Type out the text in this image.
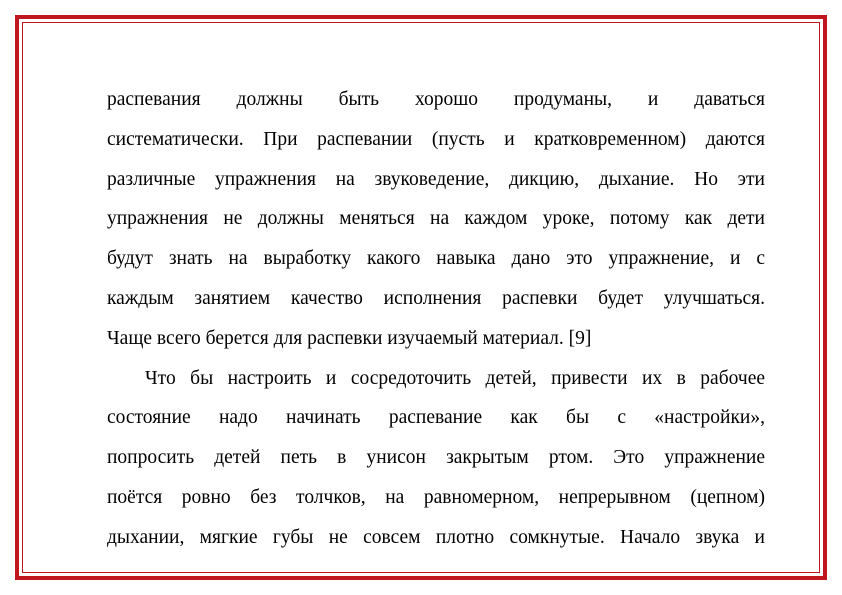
распевания должны быть хорошо продуманы, и даваться
систематически. При распевании (пусть и кратковременном) даются
различные упражнения на звуковедение, дикцию, дыхание. Но эти
упражнения не должны меняться на каждом уроке, потому как дети
будут знать на выработку какого навыка дано это упражнение, и с
каждым занятием качество исполнения распевки будет улучшаться.
Чаще всего берется для распевки изучаемый материал. [9]
Что бы настроить и сосредоточить детей, привести их в рабочее
состояние надо начинать распевание как бы с «настройки»,
попросить детей петь в унисон закрытым ртом. Это упражнение
поётся ровно без толчков, на равномерном, непрерывном (цепном)
дыхании, мягкие губы не совсем плотно сомкнутые. Начало звука и
